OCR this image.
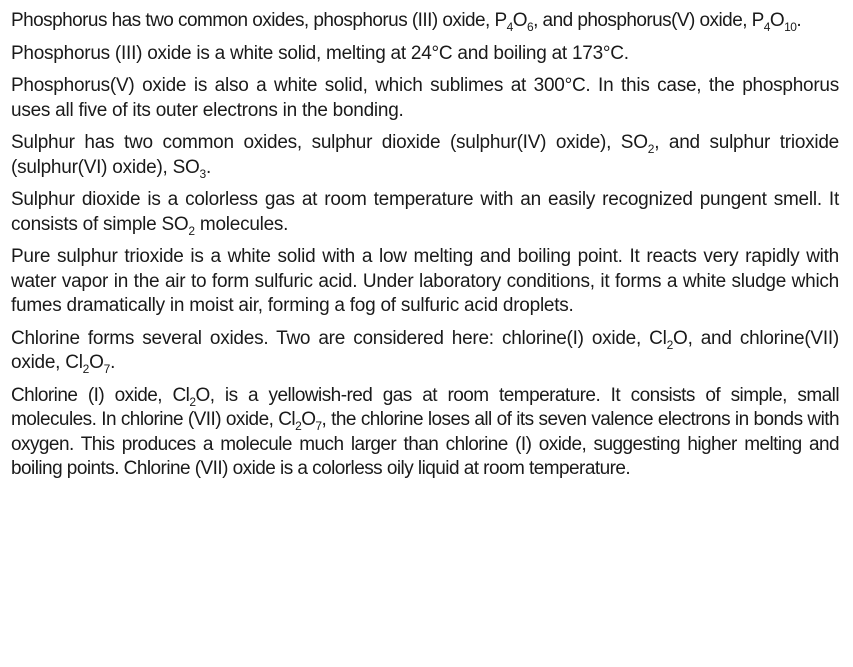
Phosphorus has two common oxides, phosphorus (III) oxide, $P_4O_6$, and phosphorus(V) oxide, $P_4O_{10}$.

Phosphorus (III) oxide is a white solid, melting at 24°C and boiling at 173°C.

Phosphorus(V) oxide is also a white solid, which sublimes at 300°C. In this case, the phosphorus uses all five of its outer electrons in the bonding.

Sulphur has two common oxides, sulphur dioxide (sulphur(IV) oxide), $SO_2$, and sulphur trioxide (sulphur(VI) oxide), $SO_3$.

Sulphur dioxide is a colorless gas at room temperature with an easily recognized pungent smell. It consists of simple $SO_2$ molecules.

Pure sulphur trioxide is a white solid with a low melting and boiling point. It reacts very rapidly with water vapor in the air to form sulfuric acid. Under laboratory conditions, it forms a white sludge which fumes dramatically in moist air, forming a fog of sulfuric acid droplets.

Chlorine forms several oxides. Two are considered here: chlorine(I) oxide, $Cl_2O$, and chlorine(VII) oxide, $Cl_2O_7$.

Chlorine (I) oxide, $Cl_2O$, is a yellowish-red gas at room temperature. It consists of simple, small molecules. In chlorine (VII) oxide, $Cl_2O_7$, the chlorine loses all of its seven valence electrons in bonds with oxygen. This produces a molecule much larger than chlorine (I) oxide, suggesting higher melting and boiling points. Chlorine (VII) oxide is a colorless oily liquid at room temperature.
